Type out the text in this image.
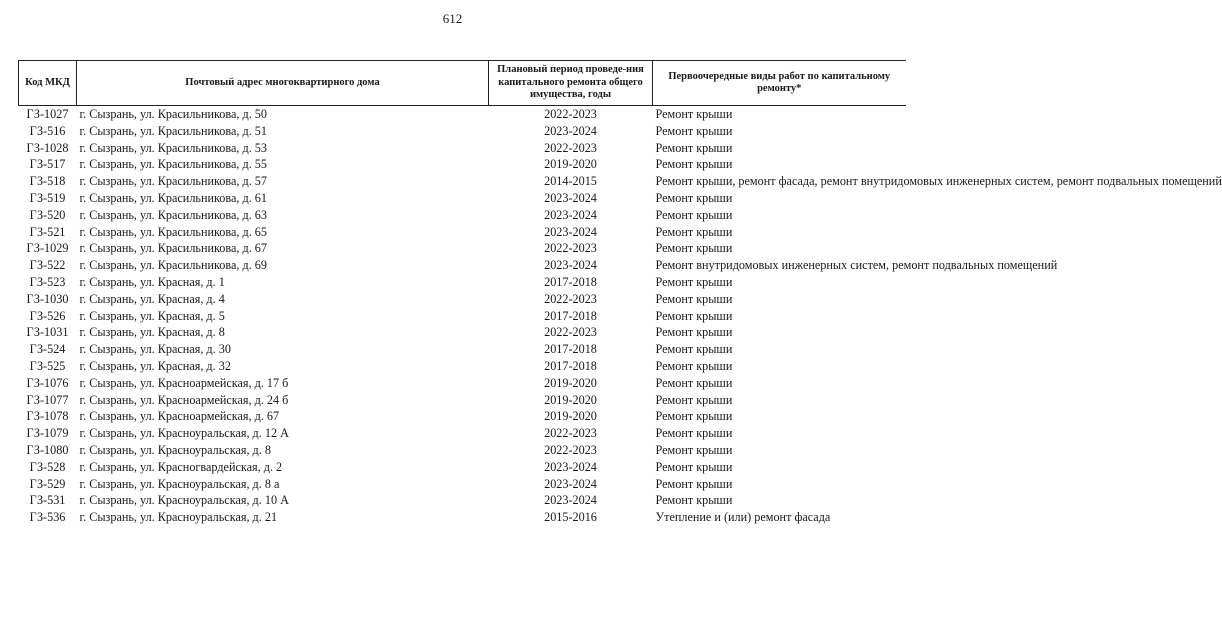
612
Код МКД	Почтовый адрес многоквартирного дома	Плановый период проведе-ния капитального ремонта общего имущества, годы	Первоочередные виды работ по капитальному ремонту*
ГЗ-1027	г. Сызрань, ул. Красильникова, д. 50	2022-2023	Ремонт крыши
ГЗ-516	г. Сызрань, ул. Красильникова, д. 51	2023-2024	Ремонт крыши
ГЗ-1028	г. Сызрань, ул. Красильникова, д. 53	2022-2023	Ремонт крыши
ГЗ-517	г. Сызрань, ул. Красильникова, д. 55	2019-2020	Ремонт крыши
ГЗ-518	г. Сызрань, ул. Красильникова, д. 57	2014-2015	Ремонт крыши, ремонт фасада, ремонт внутридомовых инженерных систем, ремонт подвальных помещений
ГЗ-519	г. Сызрань, ул. Красильникова, д. 61	2023-2024	Ремонт крыши
ГЗ-520	г. Сызрань, ул. Красильникова, д. 63	2023-2024	Ремонт крыши
ГЗ-521	г. Сызрань, ул. Красильникова, д. 65	2023-2024	Ремонт крыши
ГЗ-1029	г. Сызрань, ул. Красильникова, д. 67	2022-2023	Ремонт крыши
ГЗ-522	г. Сызрань, ул. Красильникова, д. 69	2023-2024	Ремонт внутридомовых инженерных систем, ремонт подвальных помещений
ГЗ-523	г. Сызрань, ул. Красная, д. 1	2017-2018	Ремонт крыши
ГЗ-1030	г. Сызрань, ул. Красная, д. 4	2022-2023	Ремонт крыши
ГЗ-526	г. Сызрань, ул. Красная, д. 5	2017-2018	Ремонт крыши
ГЗ-1031	г. Сызрань, ул. Красная, д. 8	2022-2023	Ремонт крыши
ГЗ-524	г. Сызрань, ул. Красная, д. 30	2017-2018	Ремонт крыши
ГЗ-525	г. Сызрань, ул. Красная, д. 32	2017-2018	Ремонт крыши
ГЗ-1076	г. Сызрань, ул. Красноармейская, д. 17 б	2019-2020	Ремонт крыши
ГЗ-1077	г. Сызрань, ул. Красноармейская, д. 24 б	2019-2020	Ремонт крыши
ГЗ-1078	г. Сызрань, ул. Красноармейская, д. 67	2019-2020	Ремонт крыши
ГЗ-1079	г. Сызрань, ул. Красноуральская, д. 12 А	2022-2023	Ремонт крыши
ГЗ-1080	г. Сызрань, ул. Красноуральская, д. 8	2022-2023	Ремонт крыши
ГЗ-528	г. Сызрань, ул. Красногвардейская, д. 2	2023-2024	Ремонт крыши
ГЗ-529	г. Сызрань, ул. Красноуральская, д. 8 а	2023-2024	Ремонт крыши
ГЗ-531	г. Сызрань, ул. Красноуральская, д. 10 А	2023-2024	Ремонт крыши
ГЗ-536	г. Сызрань, ул. Красноуральская, д. 21	2015-2016	Утепление и (или) ремонт фасада
